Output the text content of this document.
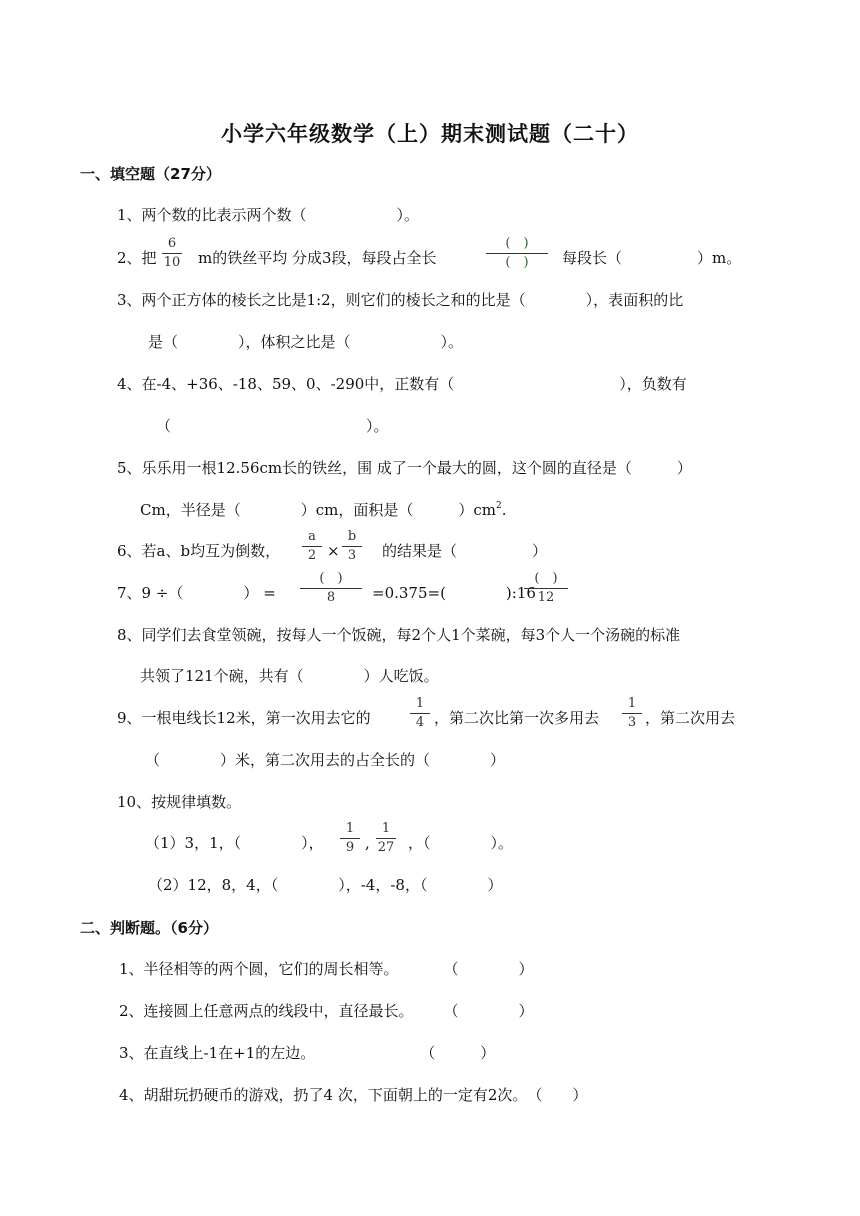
小学六年级数学（上）期末测试题（二十）
一、填空题（27分）
1、两个数的比表示两个数（　　　　　　）。
2、把
6
10 m的铁丝平均 分成3段，每段占全长
(　)
(　)	每段长（　　　　　）m。
3、两个正方体的棱长之比是1:2，则它们的棱长之和的比是（　　　　），表面积的比
是（　　　　），体积之比是（　　　　　　）。
4、在-4、+36、-18、59、0、-290中，正数有（　　　　　　　　　　　），负数有
（　　　　　　　　　　　　　）。
5、乐乐用一根12.56cm长的铁丝，围 成了一个最大的圆，这个圆的直径是（　　　）
Cm，半径是（　　　　）cm，面积是（　　　）$cm^2$.
6、若a、b均互为倒数，
a
2 ×
b
3	的结果是（　　　　　）
7、9 ÷（　　　　） =
(　)
8	=0.375=(　　　　):16
(　)
12
8、同学们去食堂领碗，按每人一个饭碗，每2个人1个菜碗，每3个人一个汤碗的标准
共领了121个碗，共有（　　　　）人吃饭。
9、一根电线长12米，第一次用去它的
1
4 ，第二次比第一次多用去
1
3 ，第二次用去
（　　　　）米，第二次用去的占全长的（　　　　）
10、按规律填数。
（1）3，1，（　　　　），
1
9 ,
1
27 ，（　　　　）。
（2）12，8，4，（　　　　），-4，-8，（　　　　）
二、判断题。（6分）
1、半径相等的两个圆，它们的周长相等。　　　　（　　　　）
2、连接圆上任意两点的线段中，直径最长。　　　（　　　　）
3、在直线上-1在+1的左边。　　　　　　　　（　　　）
4、胡甜玩扔硬币的游戏，扔了4 次，下面朝上的一定有2次。　（　　）
